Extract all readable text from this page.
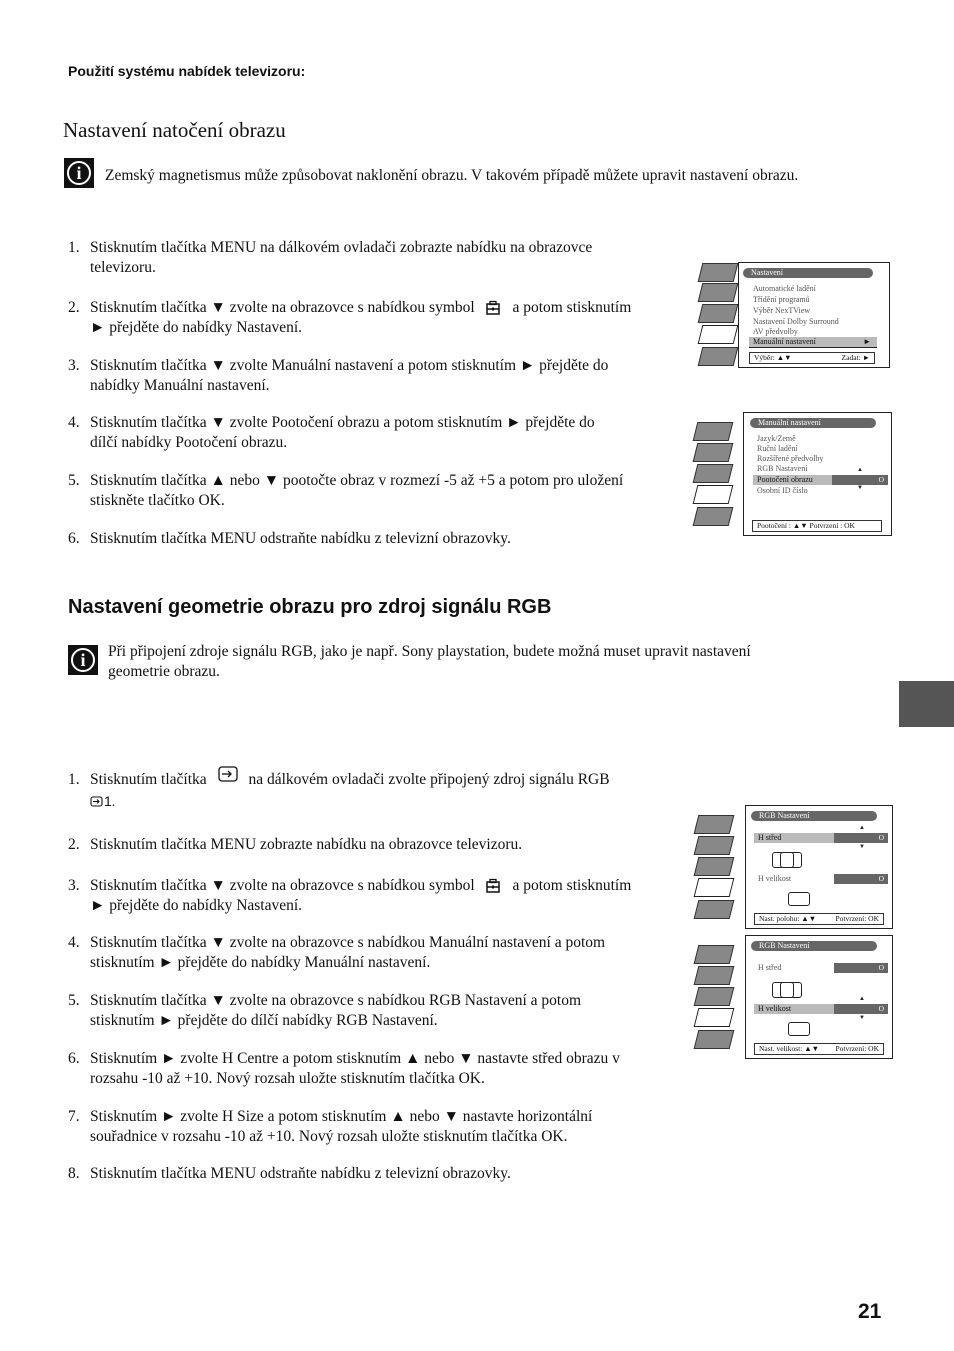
Použití systému nabídek televizoru:
Nastavení natočení obrazu
i	Zemský magnetismus může způsobovat naklonění obrazu. V takovém případě můžete upravit nastavení obrazu.
1. Stisknutím tlačítka MENU na dálkovém ovladači zobrazte nabídku na obrazovce
televizoru.
2. Stisknutím tlačítka ▼ zvolte na obrazovce s nabídkou symbol a potom stisknutím
► přejděte do nabídky Nastavení.
3. Stisknutím tlačítka ▼ zvolte Manuální nastavení a potom stisknutím ► přejděte do
nabídky Manuální nastavení.
4. Stisknutím tlačítka ▼ zvolte Pootočení obrazu a potom stisknutím ► přejděte do
dílčí nabídky Pootočení obrazu.
5. Stisknutím tlačítka ▲ nebo ▼ pootočte obraz v rozmezí -5 až +5 a potom pro uložení
stiskněte tlačítko OK.
6. Stisknutím tlačítka MENU odstraňte nabídku z televizní obrazovky.
Nastavení
Automatické ladění
Třídění programů
Výběr NexTView
Nastavení Dolby Surround
AV předvolby
Manuální nastavení	►
Výběr: ▲▼	Zadat: ►
Manuální nastavení
Jazyk/Země
Ruční ladění
Rozšířené předvolby
RGB Nastavení
Pootočení obrazu	O
▲
▼
Osobní ID číslo
Pootočení : ▲▼ Potvrzení : OK
Nastavení geometrie obrazu pro zdroj signálu RGB
i	Při připojení zdroje signálu RGB, jako je např. Sony playstation, budete možná muset upravit nastavení
geometrie obrazu.
1. Stisknutím tlačítka	na dálkovém ovladači zvolte připojený zdroj signálu RGB
1.
2. Stisknutím tlačítka MENU zobrazte nabídku na obrazovce televizoru.
3. Stisknutím tlačítka ▼ zvolte na obrazovce s nabídkou symbol a potom stisknutím
► přejděte do nabídky Nastavení.
4. Stisknutím tlačítka ▼ zvolte na obrazovce s nabídkou Manuální nastavení a potom
stisknutím ► přejděte do nabídky Manuální nastavení.
5. Stisknutím tlačítka ▼ zvolte na obrazovce s nabídkou RGB Nastavení a potom
stisknutím ► přejděte do dílčí nabídky RGB Nastavení.
6. Stisknutím ► zvolte H Centre a potom stisknutím ▲ nebo ▼ nastavte střed obrazu v
rozsahu -10 až +10. Nový rozsah uložte stisknutím tlačítka OK.
7. Stisknutím ► zvolte H Size a potom stisknutím ▲ nebo ▼ nastavte horizontální
souřadnice v rozsahu -10 až +10. Nový rozsah uložte stisknutím tlačítka OK.
8. Stisknutím tlačítka MENU odstraňte nabídku z televizní obrazovky.
RGB Nastavení
H střed	O
▲
▼
H velikost	O
Nast. polohu: ▲▼	Potvrzení: OK
RGB Nastavení
H střed	O
H velikost	O
▲
▼
Nast. velikost: ▲▼ Potvrzení: OK
21
